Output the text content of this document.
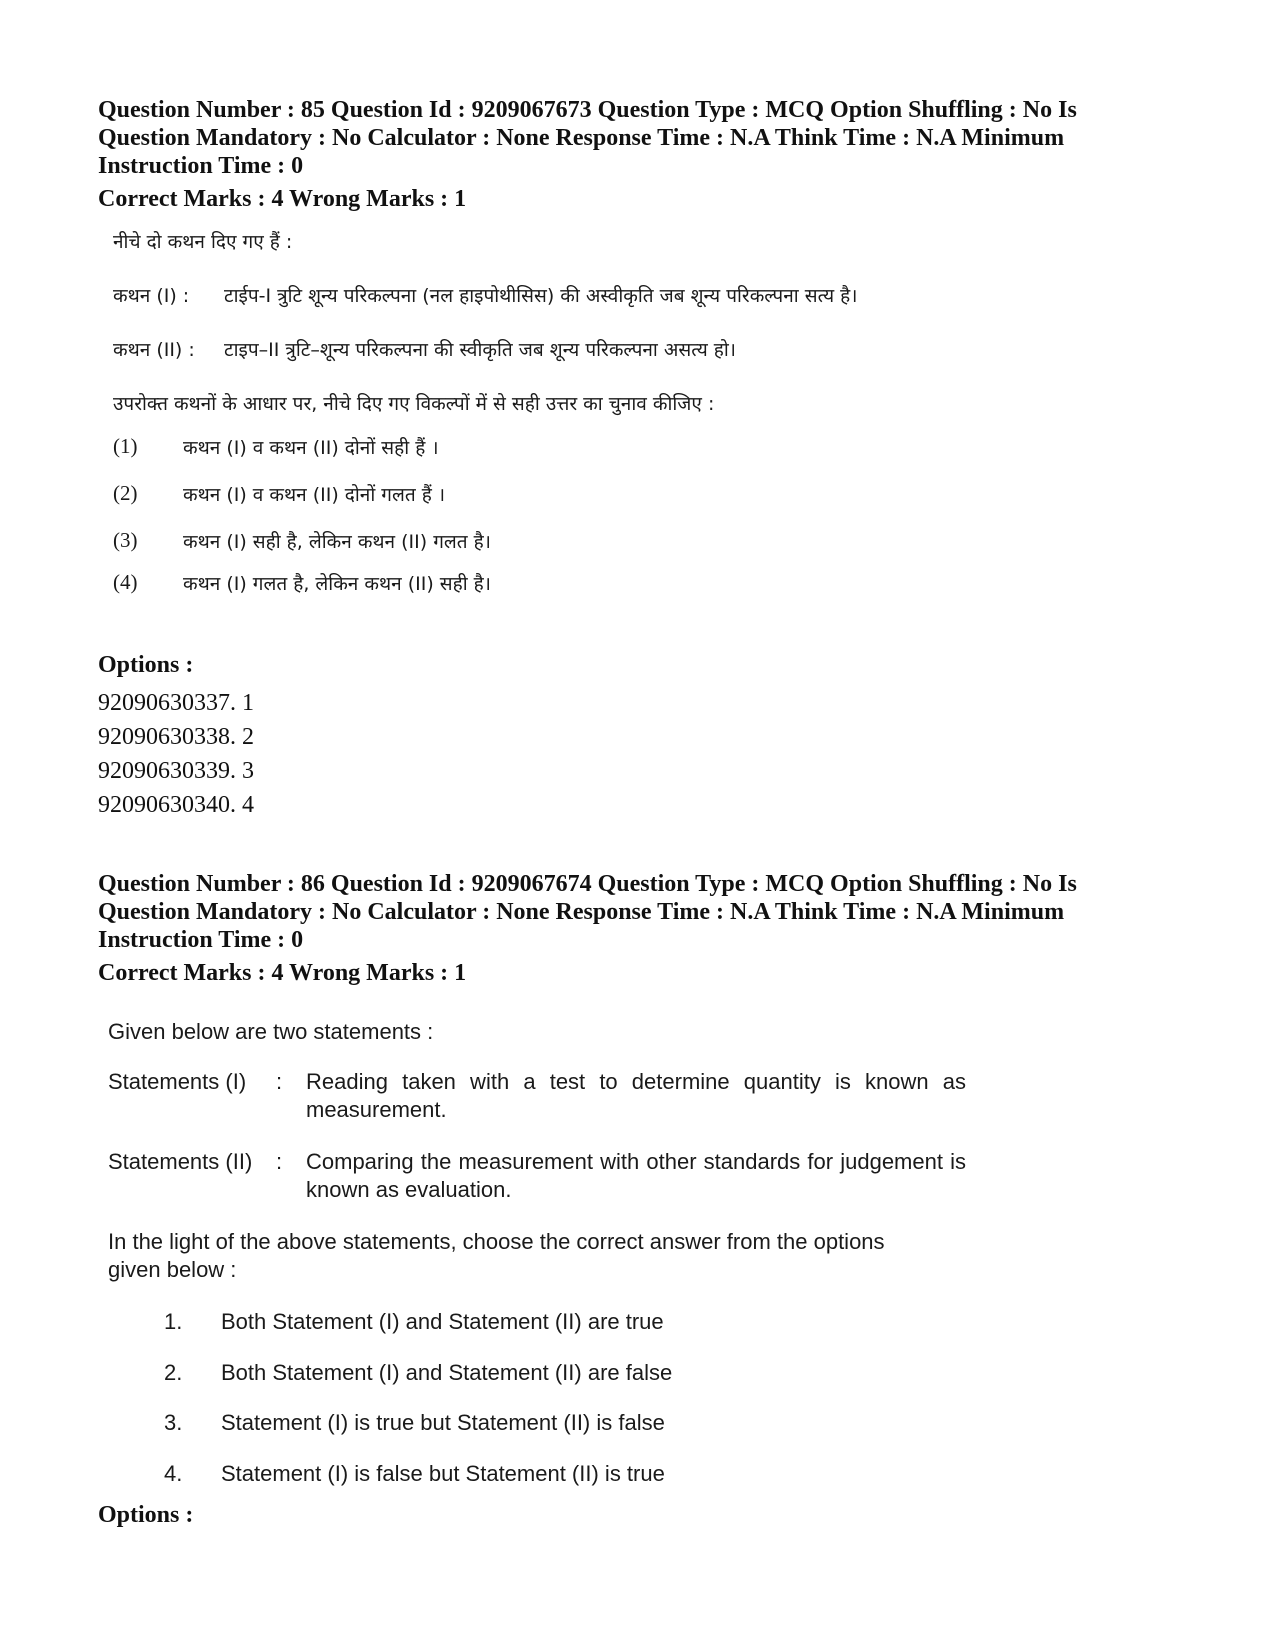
Question Number : 85 Question Id : 9209067673 Question Type : MCQ Option Shuffling : No Is

Question Mandatory : No Calculator : None Response Time : N.A Think Time : N.A Minimum

Instruction Time : 0

Correct Marks : 4 Wrong Marks : 1

नीचे दो कथन दिए गए हैं :
कथन (I) : टाईप-I त्रुटि शून्य परिकल्पना (नल हाइपोथीसिस) की अस्वीकृति जब शून्य परिकल्पना सत्य है।
कथन (II) : टाइप–II त्रुटि–शून्य परिकल्पना की स्वीकृति जब शून्य परिकल्पना असत्य हो।
उपरोक्त कथनों के आधार पर, नीचे दिए गए विकल्पों में से सही उत्तर का चुनाव कीजिए :
(1) कथन (I) व कथन (II) दोनों सही हैं ।
(2) कथन (I) व कथन (II) दोनों गलत हैं ।
(3) कथन (I) सही है, लेकिन कथन (II) गलत है।
(4) कथन (I) गलत है, लेकिन कथन (II) सही है।
Options :
92090630337. 1
92090630338. 2
92090630339. 3
92090630340. 4

Question Number : 86 Question Id : 9209067674 Question Type : MCQ Option Shuffling : No Is

Question Mandatory : No Calculator : None Response Time : N.A Think Time : N.A Minimum

Instruction Time : 0

Correct Marks : 4 Wrong Marks : 1

Given below are two statements :
Statements (I) : Reading taken with a test to determine quantity is known as measurement.
Statements (II) : Comparing the measurement with other standards for judgement is known as evaluation.
In the light of the above statements, choose the correct answer from the options given below :
1. Both Statement (I) and Statement (II) are true
2. Both Statement (I) and Statement (II) are false
3. Statement (I) is true but Statement (II) is false
4. Statement (I) is false but Statement (II) is true
Options :
